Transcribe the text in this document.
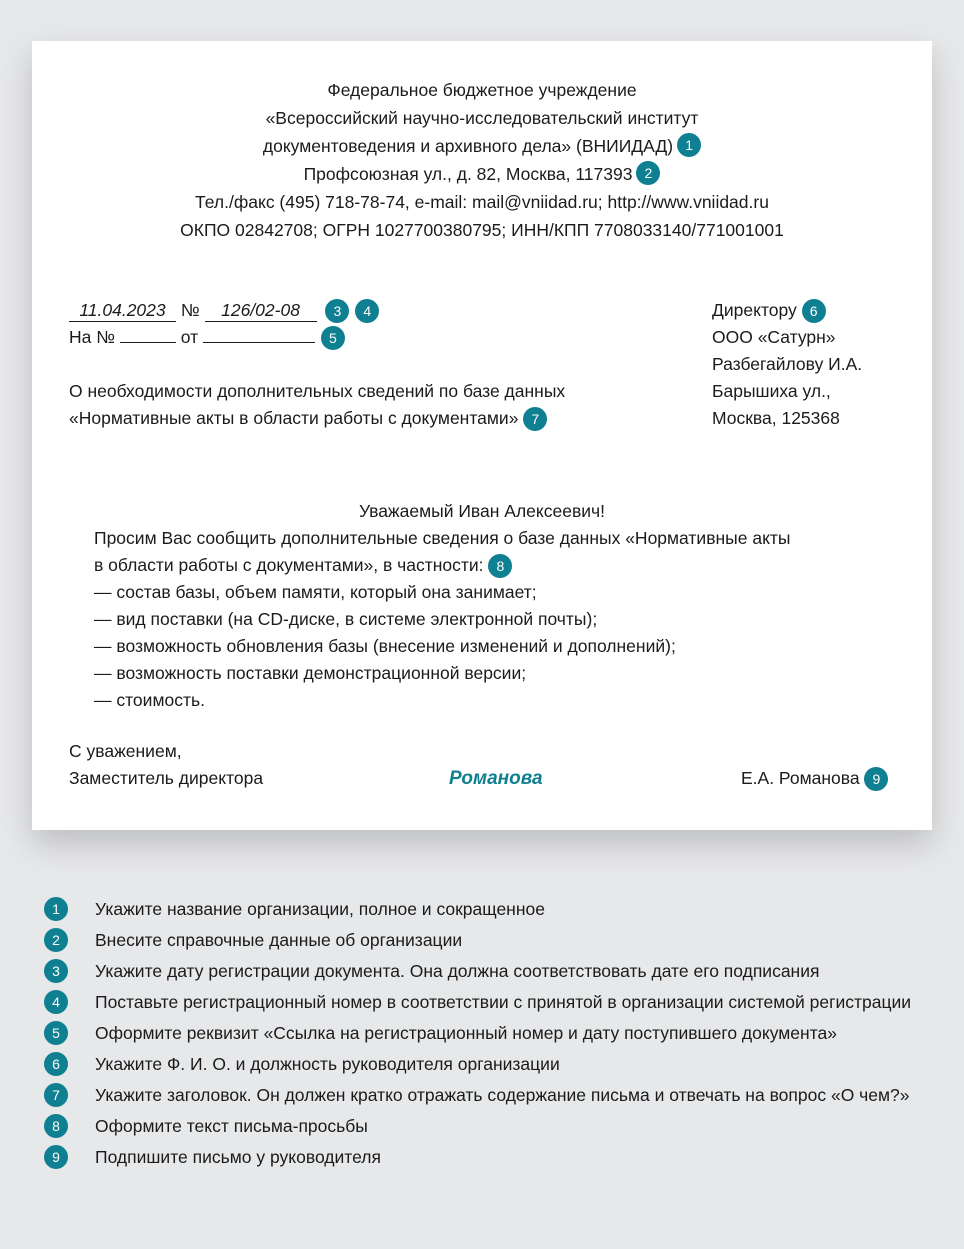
Федеральное бюджетное учреждение
«Всероссийский научно-исследовательский институт
документоведения и архивного дела» (ВНИИДАД) 1
Профсоюзная ул., д. 82, Москва, 117393 2
Тел./факс (495) 718-78-74, e-mail: mail@vniidad.ru; http://www.vniidad.ru
ОКПО 02842708; ОГРН 1027700380795; ИНН/КПП 7708033140/771001001
11.04.2023 № 126/02-08 3 4
На №	от	5
Директору 6
ООО «Сатурн»
Разбегайлову И.А.
Барышиха ул.,
Москва, 125368
О необходимости дополнительных сведений по базе данных
«Нормативные акты в области работы с документами» 7
Уважаемый Иван Алексеевич!
Просим Вас сообщить дополнительные сведения о базе данных «Нормативные акты
в области работы с документами», в частности: 8
— состав базы, объем памяти, который она занимает;
— вид поставки (на CD-диске, в системе электронной почты);
— возможность обновления базы (внесение изменений и дополнений);
— возможность поставки демонстрационной версии;
— стоимость.
С уважением,
Заместитель директора	Романова	Е.А. Романова 9
1	Укажите название организации, полное и сокращенное
2	Внесите справочные данные об организации
3	Укажите дату регистрации документа. Она должна соответствовать дате его подписания
4	Поставьте регистрационный номер в соответствии с принятой в организации системой регистрации
5	Оформите реквизит «Ссылка на регистрационный номер и дату поступившего документа»
6	Укажите Ф. И. О. и должность руководителя организации
7	Укажите заголовок. Он должен кратко отражать содержание письма и отвечать на вопрос «О чем?»
8	Оформите текст письма-просьбы
9	Подпишите письмо у руководителя
